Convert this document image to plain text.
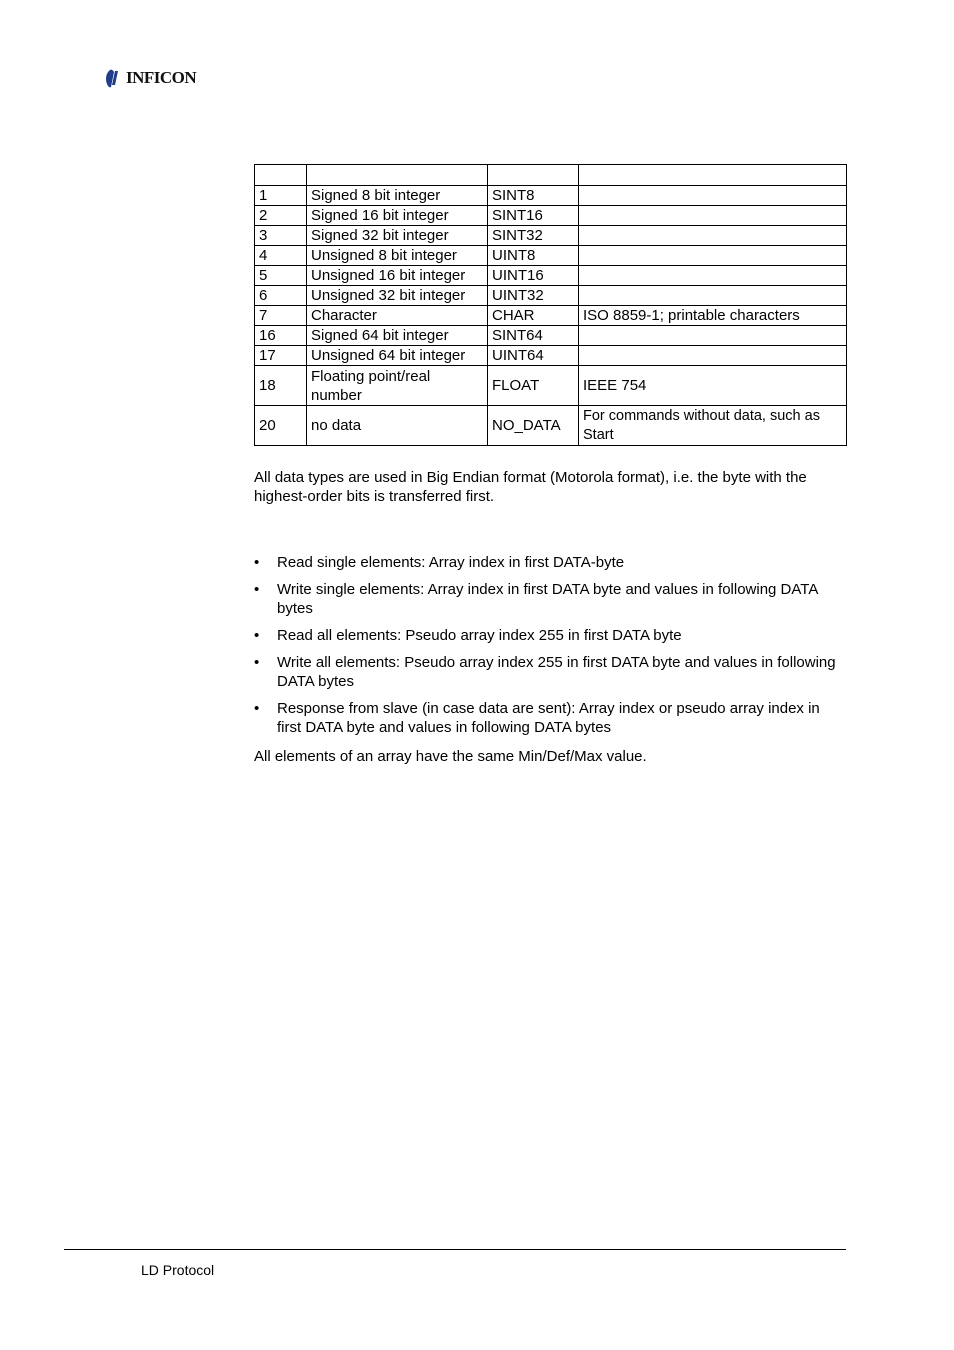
INFICON

1	Signed 8 bit integer	SINT8	
2	Signed 16 bit integer	SINT16	
3	Signed 32 bit integer	SINT32	
4	Unsigned 8 bit integer	UINT8	
5	Unsigned 16 bit integer	UINT16	
6	Unsigned 32 bit integer	UINT32	
7	Character	CHAR	ISO 8859-1; printable characters
16	Signed 64 bit integer	SINT64	
17	Unsigned 64 bit integer	UINT64	
18	Floating point/real number	FLOAT	IEEE 754
20	no data	NO_DATA	For commands without data, such as Start

All data types are used in Big Endian format (Motorola format), i.e. the byte with the highest-order bits is transferred first.

• Read single elements: Array index in first DATA-byte
• Write single elements: Array index in first DATA byte and values in following DATA bytes
• Read all elements: Pseudo array index 255 in first DATA byte
• Write all elements: Pseudo array index 255 in first DATA byte and values in following DATA bytes
• Response from slave (in case data are sent): Array index or pseudo array index in first DATA byte and values in following DATA bytes

All elements of an array have the same Min/Def/Max value.

LD Protocol
